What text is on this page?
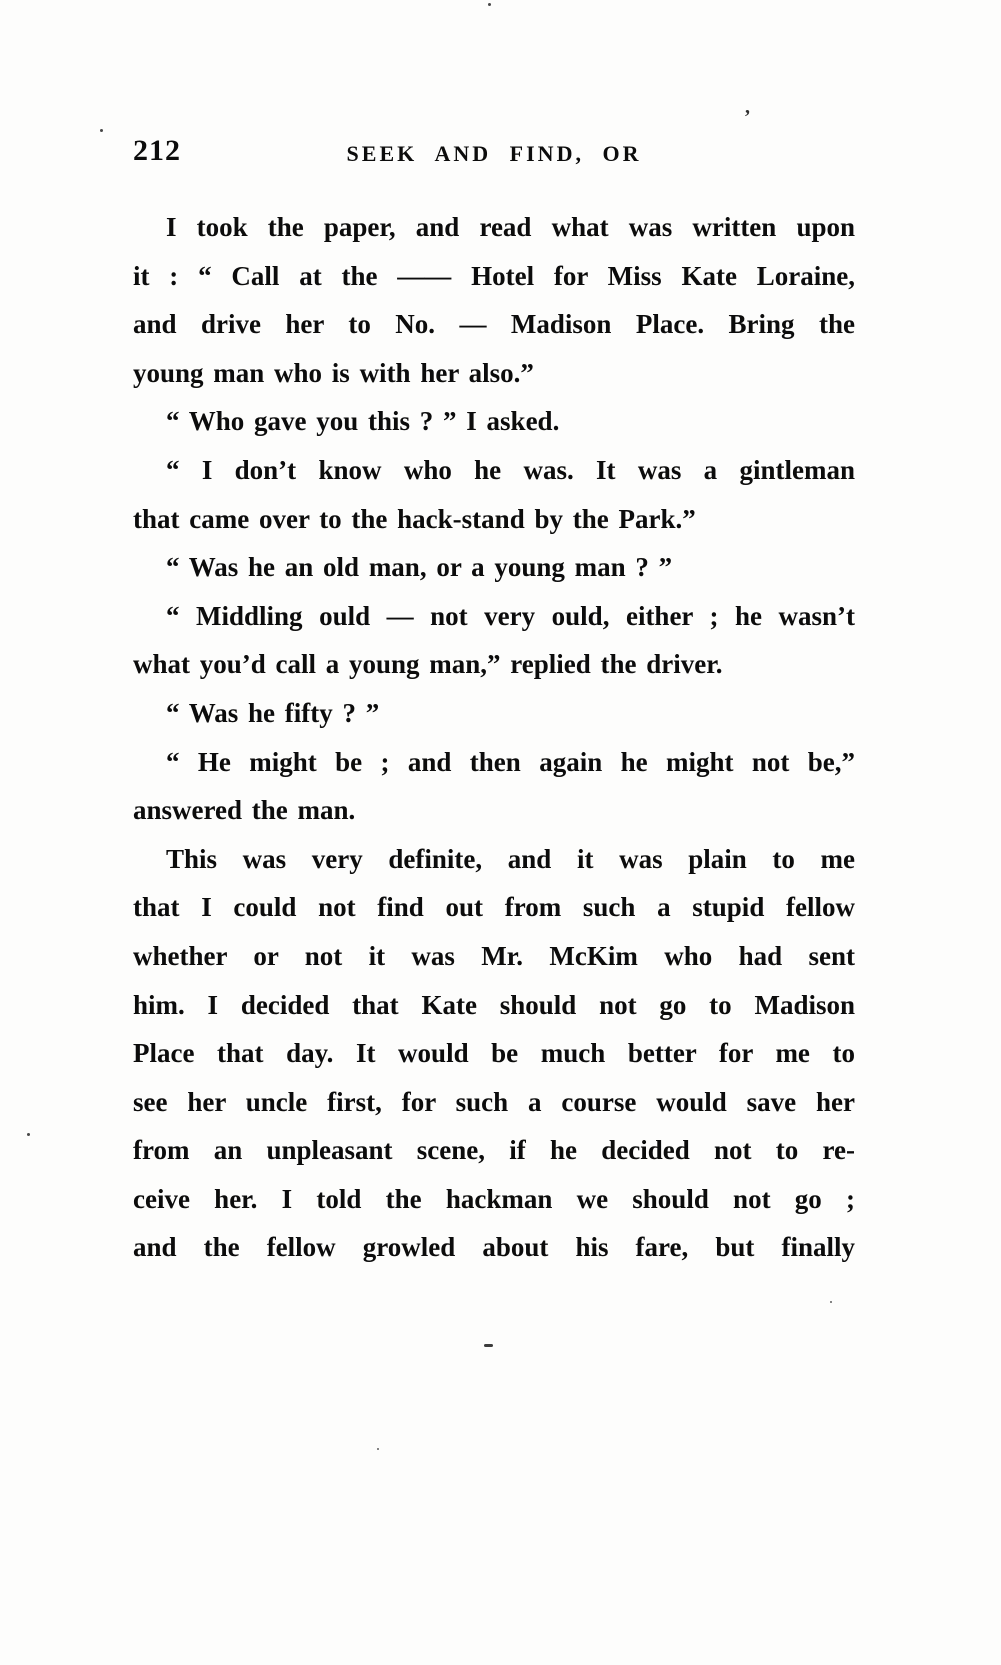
212	SEEK AND FIND, OR
I took the paper, and read what was written upon
it : “ Call at the —— Hotel for Miss Kate Loraine,
and drive her to No. — Madison Place. Bring the
young man who is with her also.”
“ Who gave you this ? ” I asked.
“ I don’t know who he was. It was a gintleman
that came over to the hack-stand by the Park.”
“ Was he an old man, or a young man ? ”
“ Middling ould — not very ould, either ; he wasn’t
what you’d call a young man,” replied the driver.
“ Was he fifty ? ”
“ He might be ; and then again he might not be,”
answered the man.
This was very definite, and it was plain to me
that I could not find out from such a stupid fellow
whether or not it was Mr. McKim who had sent
him. I decided that Kate should not go to Madison
Place that day. It would be much better for me to
see her uncle first, for such a course would save her
from an unpleasant scene, if he decided not to re-
ceive her. I told the hackman we should not go ;
and the fellow growled about his fare, but finally
’
